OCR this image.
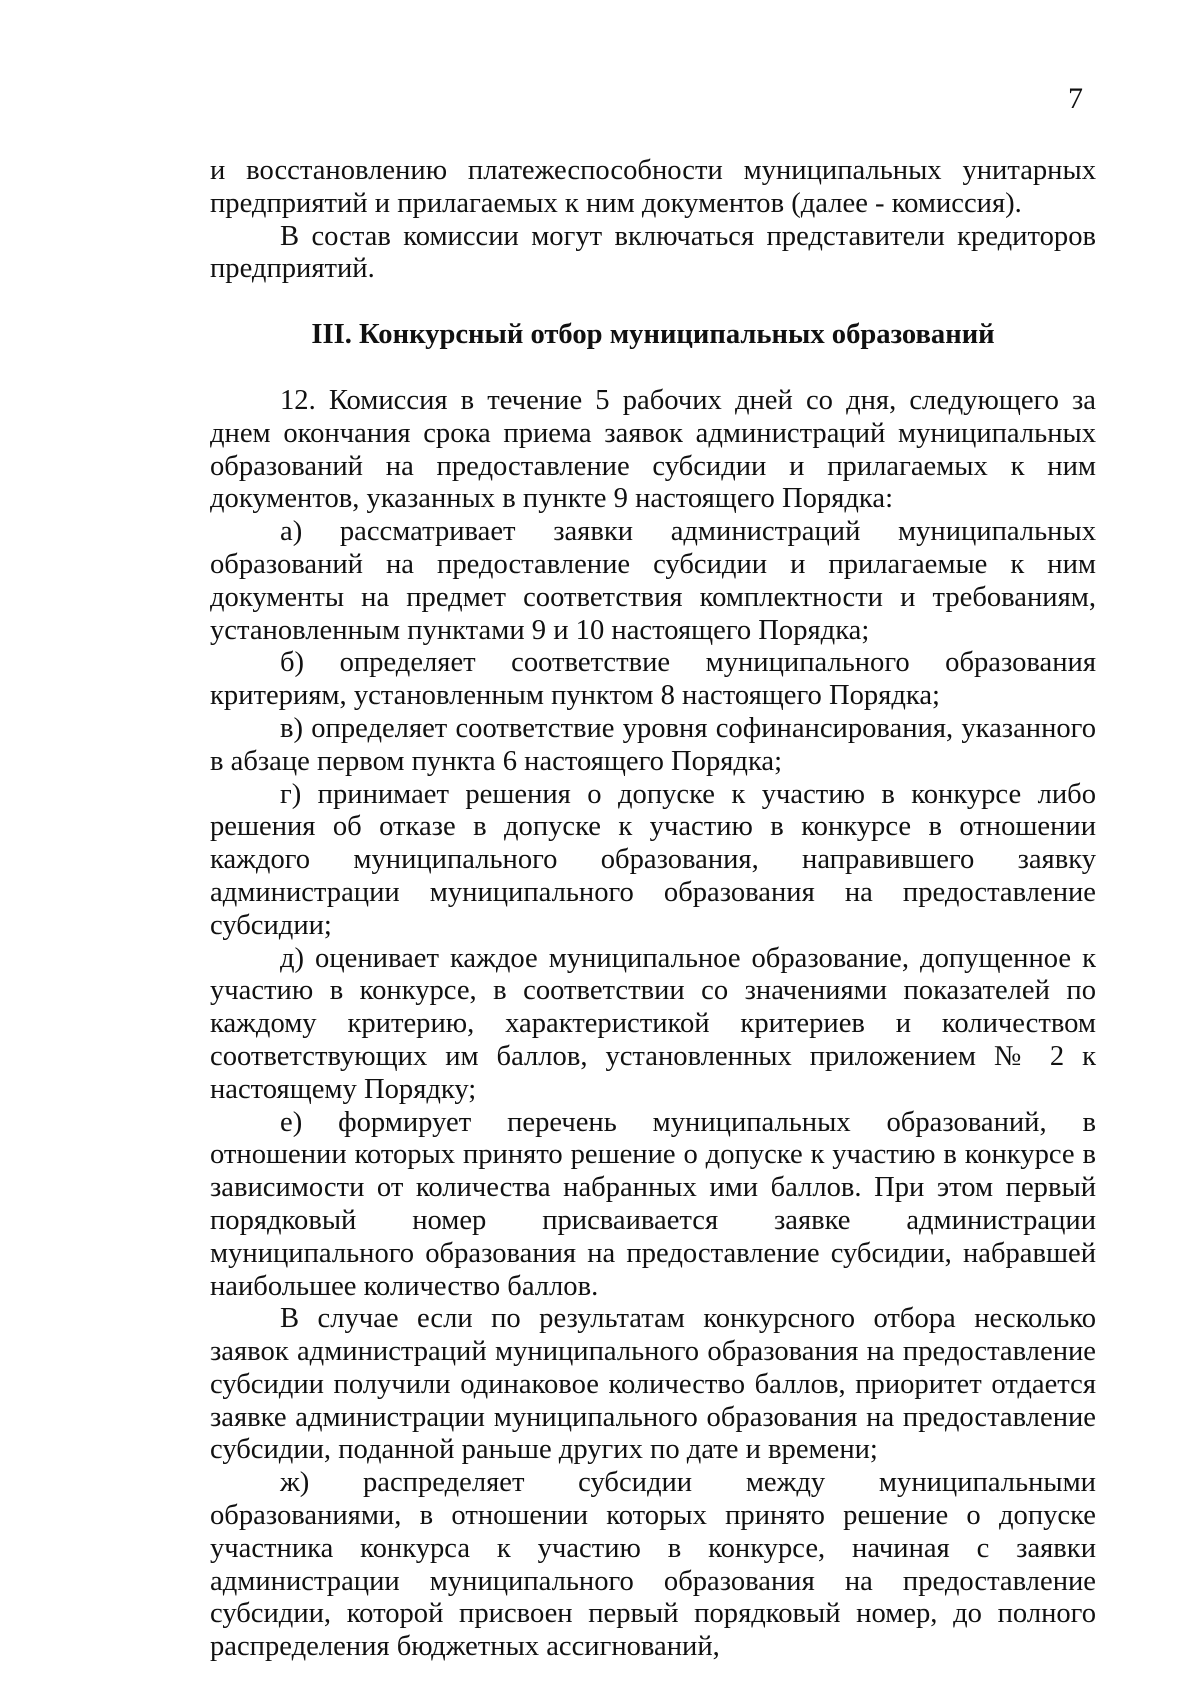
7

и восстановлению платежеспособности муниципальных унитарных предприятий и прилагаемых к ним документов (далее - комиссия).

В состав комиссии могут включаться представители кредиторов предприятий.

III. Конкурсный отбор муниципальных образований

12. Комиссия в течение 5 рабочих дней со дня, следующего за днем окончания срока приема заявок администраций муниципальных образований на предоставление субсидии и прилагаемых к ним документов, указанных в пункте 9 настоящего Порядка:

а) рассматривает заявки администраций муниципальных образований на предоставление субсидии и прилагаемые к ним документы на предмет соответствия комплектности и требованиям, установленным пунктами 9 и 10 настоящего Порядка;

б) определяет соответствие муниципального образования критериям, установленным пунктом 8 настоящего Порядка;

в) определяет соответствие уровня софинансирования, указанного в абзаце первом пункта 6 настоящего Порядка;

г) принимает решения о допуске к участию в конкурсе либо решения об отказе в допуске к участию в конкурсе в отношении каждого муниципального образования, направившего заявку администрации муниципального образования на предоставление субсидии;

д) оценивает каждое муниципальное образование, допущенное к участию в конкурсе, в соответствии со значениями показателей по каждому критерию, характеристикой критериев и количеством соответствующих им баллов, установленных приложением № 2 к настоящему Порядку;

е) формирует перечень муниципальных образований, в отношении которых принято решение о допуске к участию в конкурсе в зависимости от количества набранных ими баллов. При этом первый порядковый номер присваивается заявке администрации муниципального образования на предоставление субсидии, набравшей наибольшее количество баллов.

В случае если по результатам конкурсного отбора несколько заявок администраций муниципального образования на предоставление субсидии получили одинаковое количество баллов, приоритет отдается заявке администрации муниципального образования на предоставление субсидии, поданной раньше других по дате и времени;

ж) распределяет субсидии между муниципальными образованиями, в отношении которых принято решение о допуске участника конкурса к участию в конкурсе, начиная с заявки администрации муниципального образования на предоставление субсидии, которой присвоен первый порядковый номер, до полного распределения бюджетных ассигнований,
